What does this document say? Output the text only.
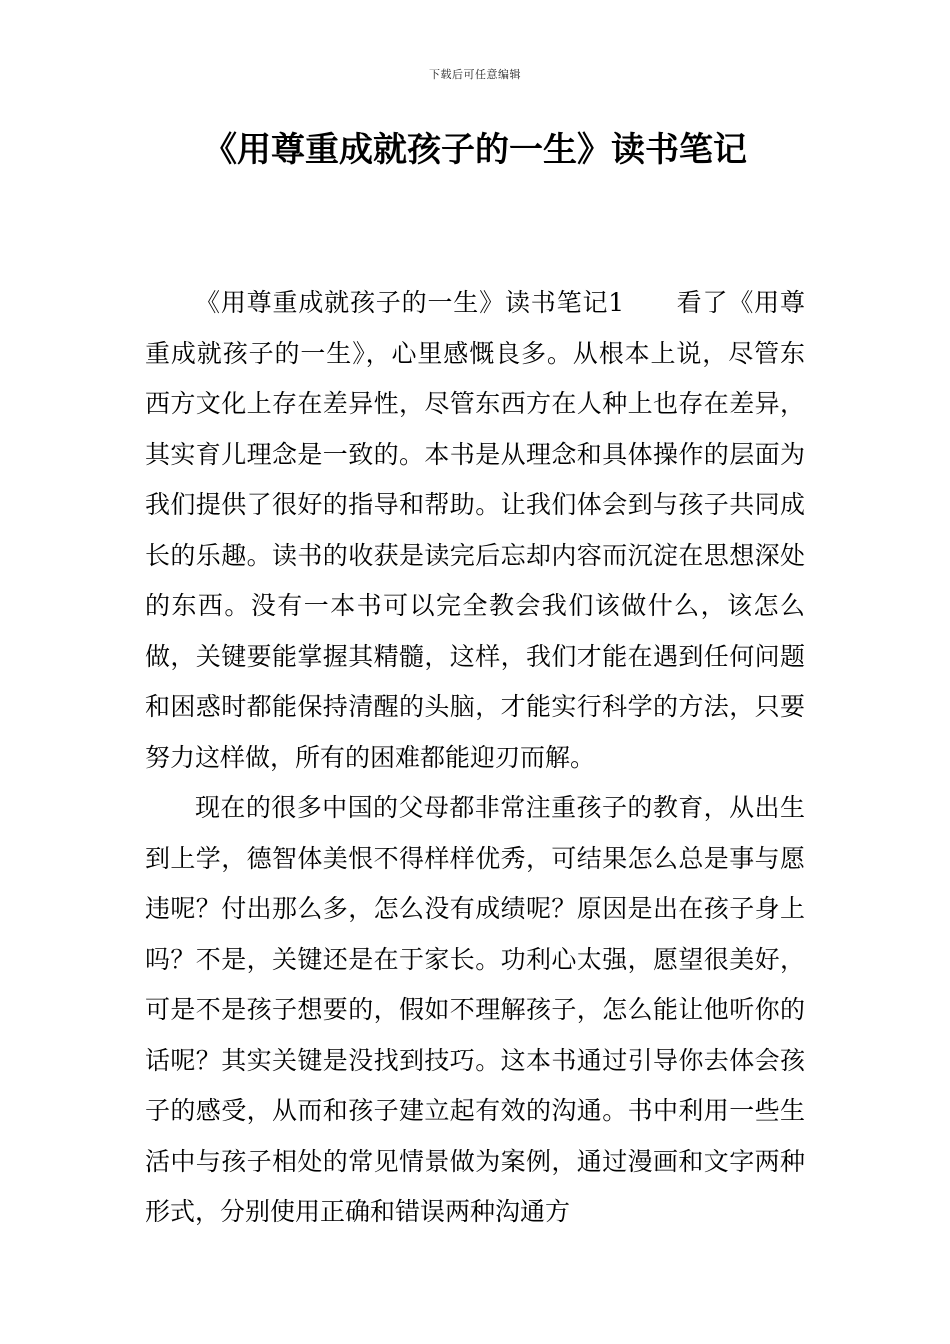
下载后可任意编辑
《用尊重成就孩子的一生》读书笔记

《用尊重成就孩子的一生》读书笔记1　　看了《用尊重成就孩子的一生》，心里感慨良多。从根本上说，尽管东西方文化上存在差异性，尽管东西方在人种上也存在差异，其实育儿理念是一致的。本书是从理念和具体操作的层面为我们提供了很好的指导和帮助。让我们体会到与孩子共同成长的乐趣。读书的收获是读完后忘却内容而沉淀在思想深处的东西。没有一本书可以完全教会我们该做什么，该怎么做，关键要能掌握其精髓，这样，我们才能在遇到任何问题和困惑时都能保持清醒的头脑，才能实行科学的方法，只要努力这样做，所有的困难都能迎刃而解。

现在的很多中国的父母都非常注重孩子的教育，从出生到上学，德智体美恨不得样样优秀，可结果怎么总是事与愿违呢？付出那么多，怎么没有成绩呢？原因是出在孩子身上吗？不是，关键还是在于家长。功利心太强，愿望很美好，可是不是孩子想要的，假如不理解孩子，怎么能让他听你的话呢？其实关键是没找到技巧。这本书通过引导你去体会孩子的感受，从而和孩子建立起有效的沟通。书中利用一些生活中与孩子相处的常见情景做为案例，通过漫画和文字两种形式，分别使用正确和错误两种沟通方
